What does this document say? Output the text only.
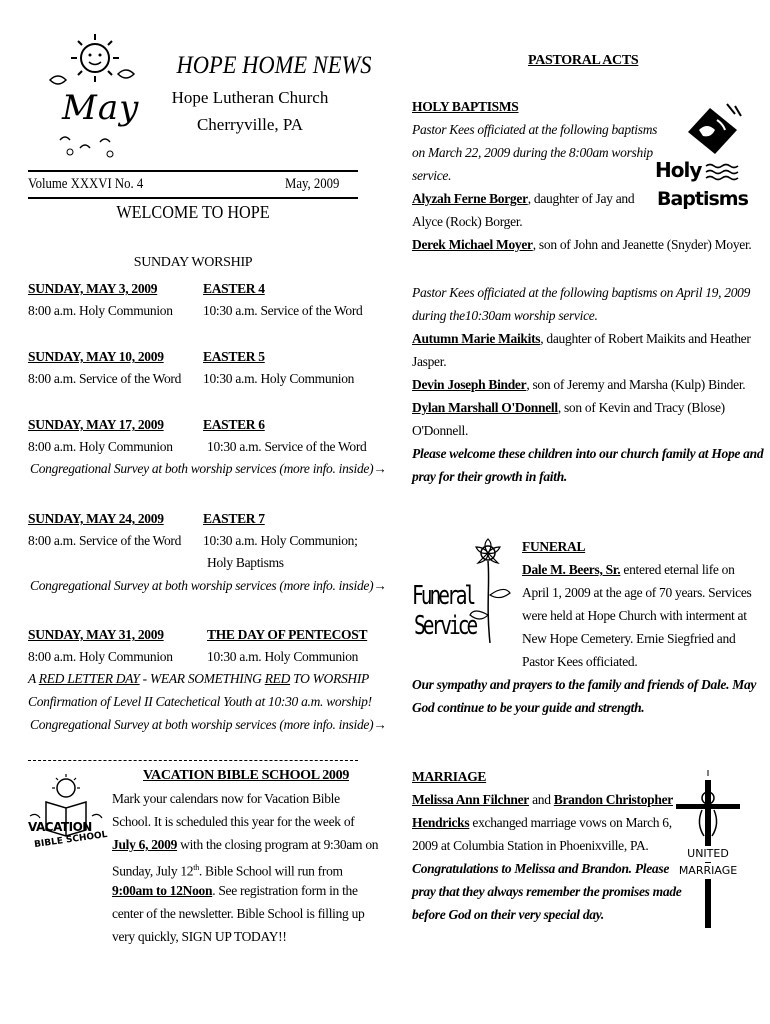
May
HOPE HOME NEWS
Hope Lutheran Church
Cherryville, PA
Volume XXXVI No. 4	May, 2009
WELCOME TO HOPE
SUNDAY WORSHIP
SUNDAY, MAY 3, 2009	EASTER 4
8:00 a.m. Holy Communion 10:30 a.m. Service of the Word
SUNDAY, MAY 10, 2009	EASTER 5
8:00 a.m. Service of the Word 10:30 a.m. Holy Communion
SUNDAY, MAY 17, 2009	EASTER 6
8:00 a.m. Holy Communion	10:30 a.m. Service of the Word
Congregational Survey at both worship services (more info. inside)→
SUNDAY, MAY 24, 2009	EASTER 7
8:00 a.m. Service of the Word 10:30 a.m. Holy Communion;
Holy Baptisms
Congregational Survey at both worship services (more info. inside)→
SUNDAY, MAY 31, 2009	THE DAY OF PENTECOST
8:00 a.m. Holy Communion	10:30 a.m. Holy Communion
A RED LETTER DAY - WEAR SOMETHING RED TO WORSHIP
Confirmation of Level II Catechetical Youth at 10:30 a.m. worship!
Congregational Survey at both worship services (more info. inside)→
VACATION
BIBLE SCHOOL
VACATION BIBLE SCHOOL 2009
Mark your calendars now for Vacation Bible
School. It is scheduled this year for the week of
July 6, 2009 with the closing program at 9:30am on
Sunday, July 12th. Bible School will run from
9:00am to 12Noon. See registration form in the
center of the newsletter. Bible School is filling up
very quickly, SIGN UP TODAY!!
PASTORAL ACTS
HOLY BAPTISMS
Pastor Kees officiated at the following baptisms
on March 22, 2009 during the 8:00am worship
service.	Holy
Baptisms
Alyzah Ferne Borger, daughter of Jay and
Alyce (Rock) Borger.
Derek Michael Moyer, son of John and Jeanette (Snyder) Moyer.
Pastor Kees officiated at the following baptisms on April 19, 2009
during the10:30am worship service.
Autumn Marie Maikits, daughter of Robert Maikits and Heather
Jasper.
Devin Joseph Binder, son of Jeremy and Marsha (Kulp) Binder.
Dylan Marshall O'Donnell, son of Kevin and Tracy (Blose)
O'Donnell.
Please welcome these children into our church family at Hope and
pray for their growth in faith.
Funeral
Service
FUNERAL
Dale M. Beers, Sr. entered eternal life on
April 1, 2009 at the age of 70 years. Services
were held at Hope Church with interment at
New Hope Cemetery. Ernie Siegfried and
Pastor Kees officiated.
Our sympathy and prayers to the family and friends of Dale. May
God continue to be your guide and strength.
MARRIAGE
Melissa Ann Filchner and Brandon Christopher
Hendricks exchanged marriage vows on March 6,
2009 at Columbia Station in Phoenixville, PA.
Congratulations to Melissa and Brandon. Please
pray that they always remember the promises made
before God on their very special day.
UNITED
MARRIAGE
